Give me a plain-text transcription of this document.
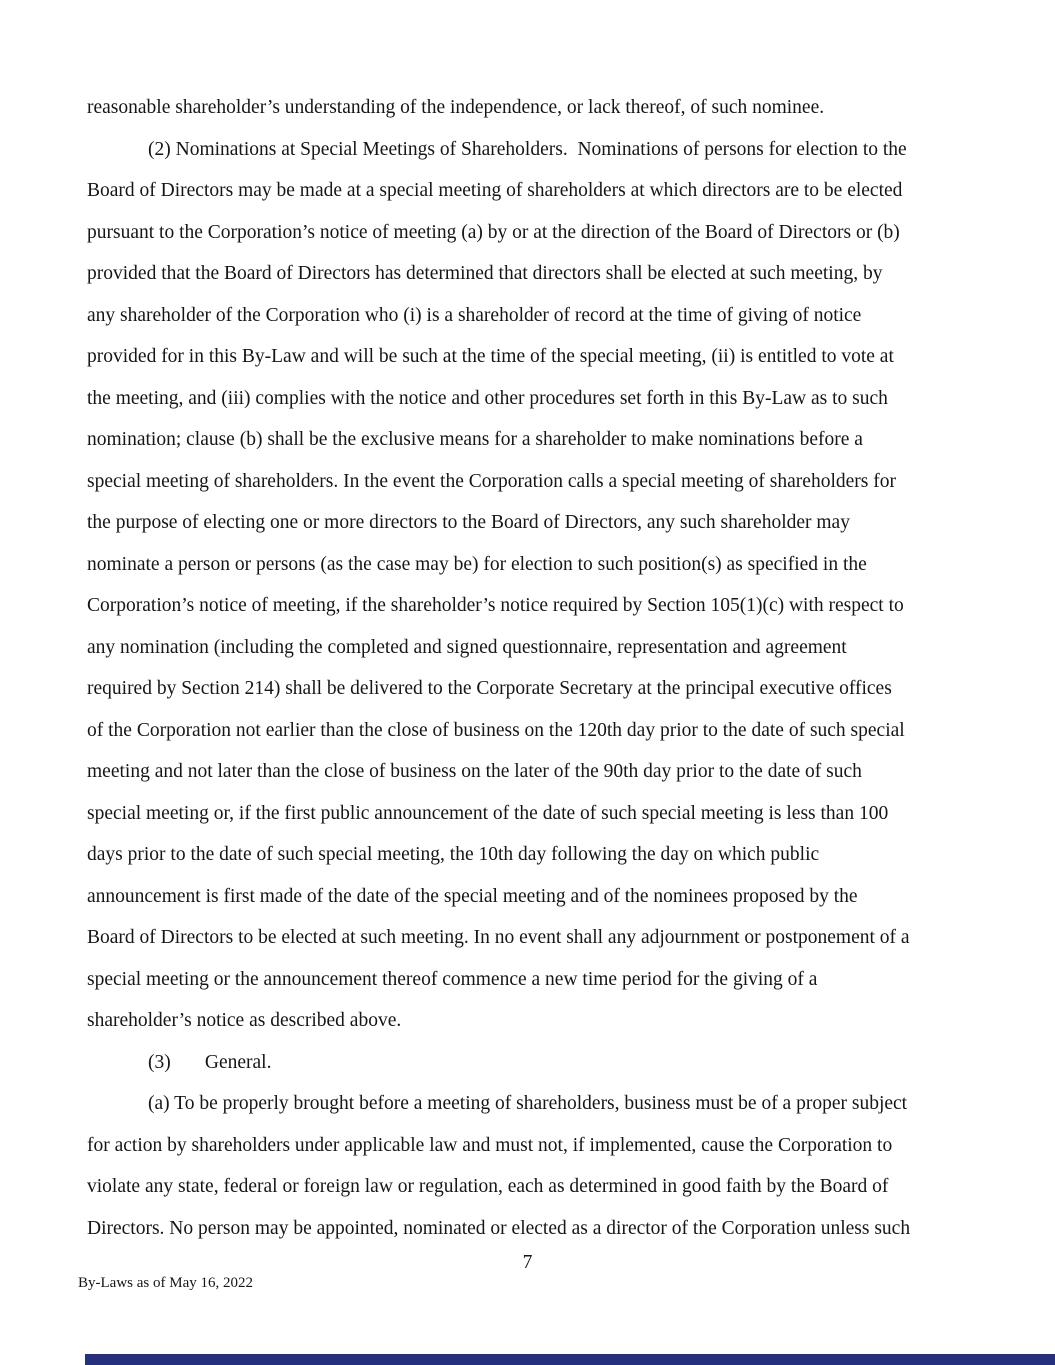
reasonable shareholder’s understanding of the independence, or lack thereof, of such nominee.
(2) Nominations at Special Meetings of Shareholders.  Nominations of persons for election to the
Board of Directors may be made at a special meeting of shareholders at which directors are to be elected
pursuant to the Corporation’s notice of meeting (a) by or at the direction of the Board of Directors or (b)
provided that the Board of Directors has determined that directors shall be elected at such meeting, by
any shareholder of the Corporation who (i) is a shareholder of record at the time of giving of notice
provided for in this By-Law and will be such at the time of the special meeting, (ii) is entitled to vote at
the meeting, and (iii) complies with the notice and other procedures set forth in this By-Law as to such
nomination; clause (b) shall be the exclusive means for a shareholder to make nominations before a
special meeting of shareholders. In the event the Corporation calls a special meeting of shareholders for
the purpose of electing one or more directors to the Board of Directors, any such shareholder may
nominate a person or persons (as the case may be) for election to such position(s) as specified in the
Corporation’s notice of meeting, if the shareholder’s notice required by Section 105(1)(c) with respect to
any nomination (including the completed and signed questionnaire, representation and agreement
required by Section 214) shall be delivered to the Corporate Secretary at the principal executive offices
of the Corporation not earlier than the close of business on the 120th day prior to the date of such special
meeting and not later than the close of business on the later of the 90th day prior to the date of such
special meeting or, if the first public announcement of the date of such special meeting is less than 100
days prior to the date of such special meeting, the 10th day following the day on which public
announcement is first made of the date of the special meeting and of the nominees proposed by the
Board of Directors to be elected at such meeting. In no event shall any adjournment or postponement of a
special meeting or the announcement thereof commence a new time period for the giving of a
shareholder’s notice as described above.
(3)       General.
(a) To be properly brought before a meeting of shareholders, business must be of a proper subject
for action by shareholders under applicable law and must not, if implemented, cause the Corporation to
violate any state, federal or foreign law or regulation, each as determined in good faith by the Board of
Directors. No person may be appointed, nominated or elected as a director of the Corporation unless such
7
By-Laws as of May 16, 2022
